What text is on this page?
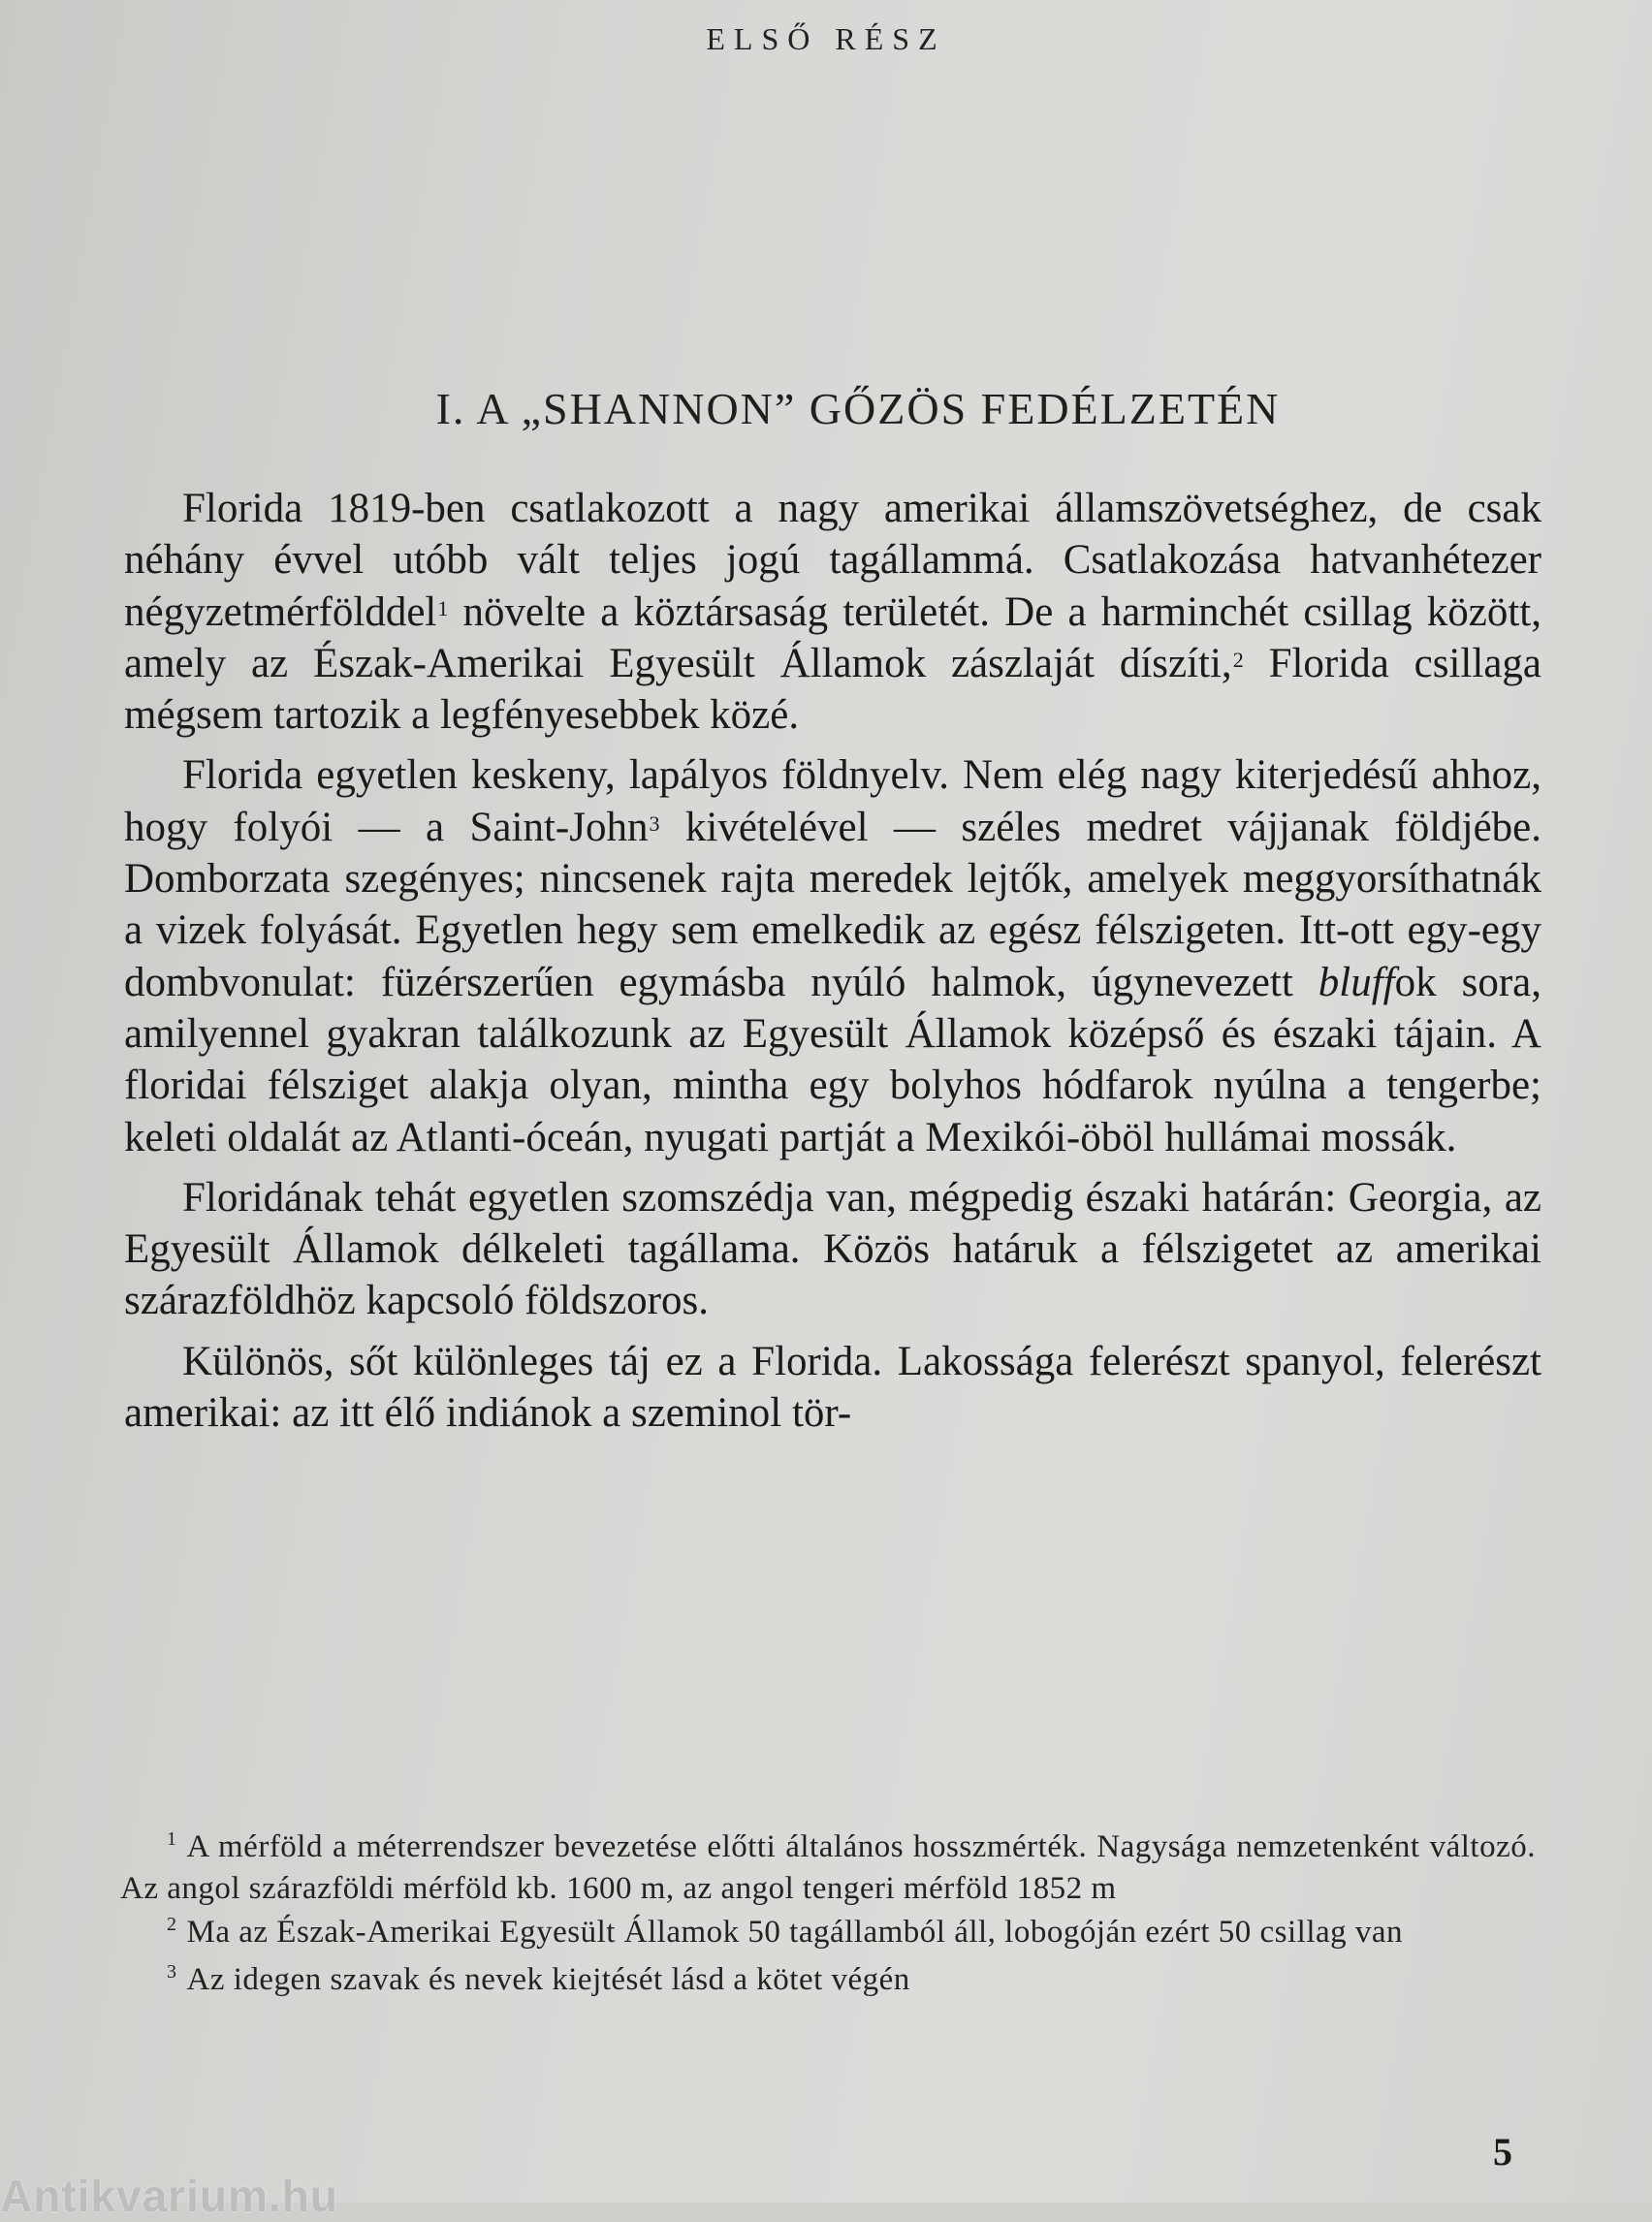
ELSŐ RÉSZ
I. A „SHANNON” GŐZÖS FEDÉLZETÉN

Florida 1819-ben csatlakozott a nagy amerikai államszövetséghez, de csak néhány évvel utóbb vált teljes jogú tagállammá. Csatlakozása hatvanhétezer négyzetmérfölddel$^1$ növelte a köztársaság területét. De a harminchét csillag között, amely az Észak-Amerikai Egyesült Államok zászlaját díszíti,$^2$ Florida csillaga mégsem tartozik a legfényesebbek közé.

Florida egyetlen keskeny, lapályos földnyelv. Nem elég nagy kiterjedésű ahhoz, hogy folyói — a Saint-John$^3$ kivételével — széles medret vájjanak földjébe. Domborzata szegényes; nincsenek rajta meredek lejtők, amelyek meggyorsíthatnák a vizek folyását. Egyetlen hegy sem emelkedik az egész félszigeten. Itt-ott egy-egy dombvonulat: füzérszerűen egymásba nyúló halmok, úgynevezett bluffok sora, amilyennel gyakran találkozunk az Egyesült Államok középső és északi tájain. A floridai félsziget alakja olyan, mintha egy bolyhos hódfarok nyúlna a tengerbe; keleti oldalát az Atlanti-óceán, nyugati partját a Mexikói-öböl hullámai mossák.

Floridának tehát egyetlen szomszédja van, mégpedig északi határán: Georgia, az Egyesült Államok délkeleti tagállama. Közös határuk a félszigetet az amerikai szárazföldhöz kapcsoló földszoros.

Különös, sőt különleges táj ez a Florida. Lakossága felerészt spanyol, felerészt amerikai: az itt élő indiánok a szeminol tör-

$^1$ A mérföld a méterrendszer bevezetése előtti általános hosszmérték. Nagysága nemzetenként változó. Az angol szárazföldi mérföld kb. 1600 m, az angol tengeri mérföld 1852 m
$^2$ Ma az Észak-Amerikai Egyesült Államok 50 tagállamból áll, lobogóján ezért 50 csillag van
$^3$ Az idegen szavak és nevek kiejtését lásd a kötet végén
5
Antikvarium.hu
